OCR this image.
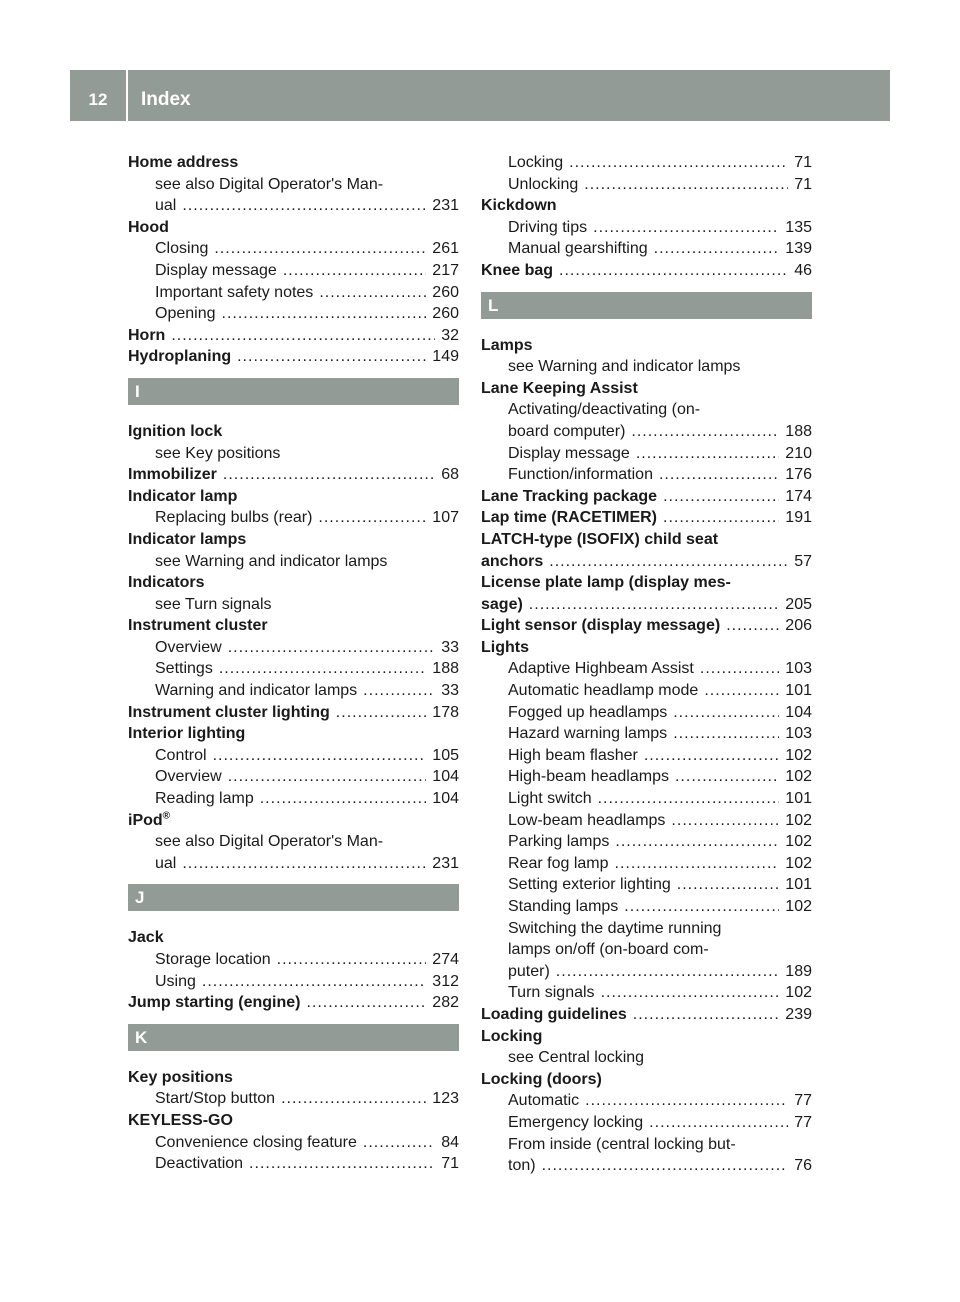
12	Index
Home address
see also Digital Operator's Man-
ual .....	231
Hood
Closing .....	261
Display message .....	217
Important safety notes .....	260
Opening .....	260
Horn .....	32
Hydroplaning .....	149
I
Ignition lock
see Key positions
Immobilizer .....	68
Indicator lamp
Replacing bulbs (rear) .....	107
Indicator lamps
see Warning and indicator lamps
Indicators
see Turn signals
Instrument cluster
Overview .....	33
Settings .....	188
Warning and indicator lamps .....	33
Instrument cluster lighting .....	178
Interior lighting
Control .....	105
Overview .....	104
Reading lamp .....	104
iPod®
see also Digital Operator's Man-
ual .....	231
J
Jack
Storage location .....	274
Using .....	312
Jump starting (engine) .....	282
K
Key positions
Start/Stop button .....	123
KEYLESS-GO
Convenience closing feature .....	84
Deactivation .....	71
Locking .....	71
Unlocking .....	71
Kickdown
Driving tips .....	135
Manual gearshifting .....	139
Knee bag .....	46
L
Lamps
see Warning and indicator lamps
Lane Keeping Assist
Activating/deactivating (on-
board computer) .....	188
Display message .....	210
Function/information .....	176
Lane Tracking package .....	174
Lap time (RACETIMER) .....	191
LATCH-type (ISOFIX) child seat
anchors .....	57
License plate lamp (display mes-
sage) .....	205
Light sensor (display message) .....	206
Lights
Adaptive Highbeam Assist .....	103
Automatic headlamp mode .....	101
Fogged up headlamps .....	104
Hazard warning lamps .....	103
High beam flasher .....	102
High-beam headlamps .....	102
Light switch .....	101
Low-beam headlamps .....	102
Parking lamps .....	102
Rear fog lamp .....	102
Setting exterior lighting .....	101
Standing lamps .....	102
Switching the daytime running
lamps on/off (on-board com-
puter) .....	189
Turn signals .....	102
Loading guidelines .....	239
Locking
see Central locking
Locking (doors)
Automatic .....	77
Emergency locking .....	77
From inside (central locking but-
ton) .....	76
